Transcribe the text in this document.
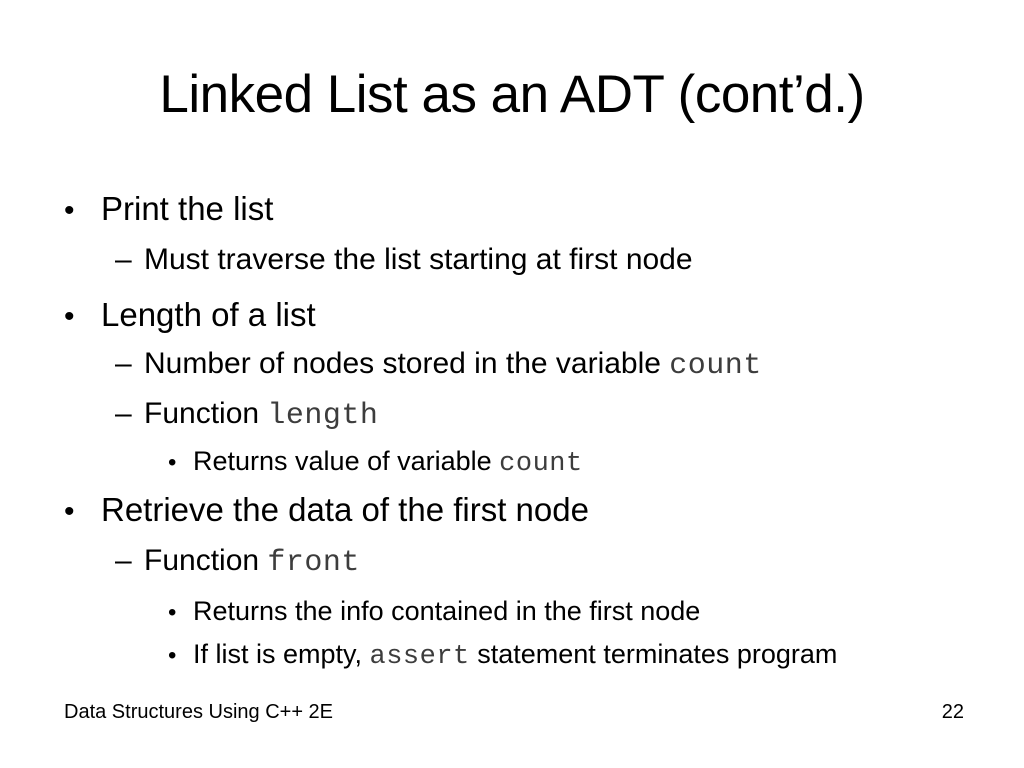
Linked List as an ADT (cont’d.)
• Print the list
– Must traverse the list starting at first node
• Length of a list
– Number of nodes stored in the variable count
– Function length
• Returns value of variable count
• Retrieve the data of the first node
– Function front
• Returns the info contained in the first node
• If list is empty, assert statement terminates program
Data Structures Using C++ 2E	22
